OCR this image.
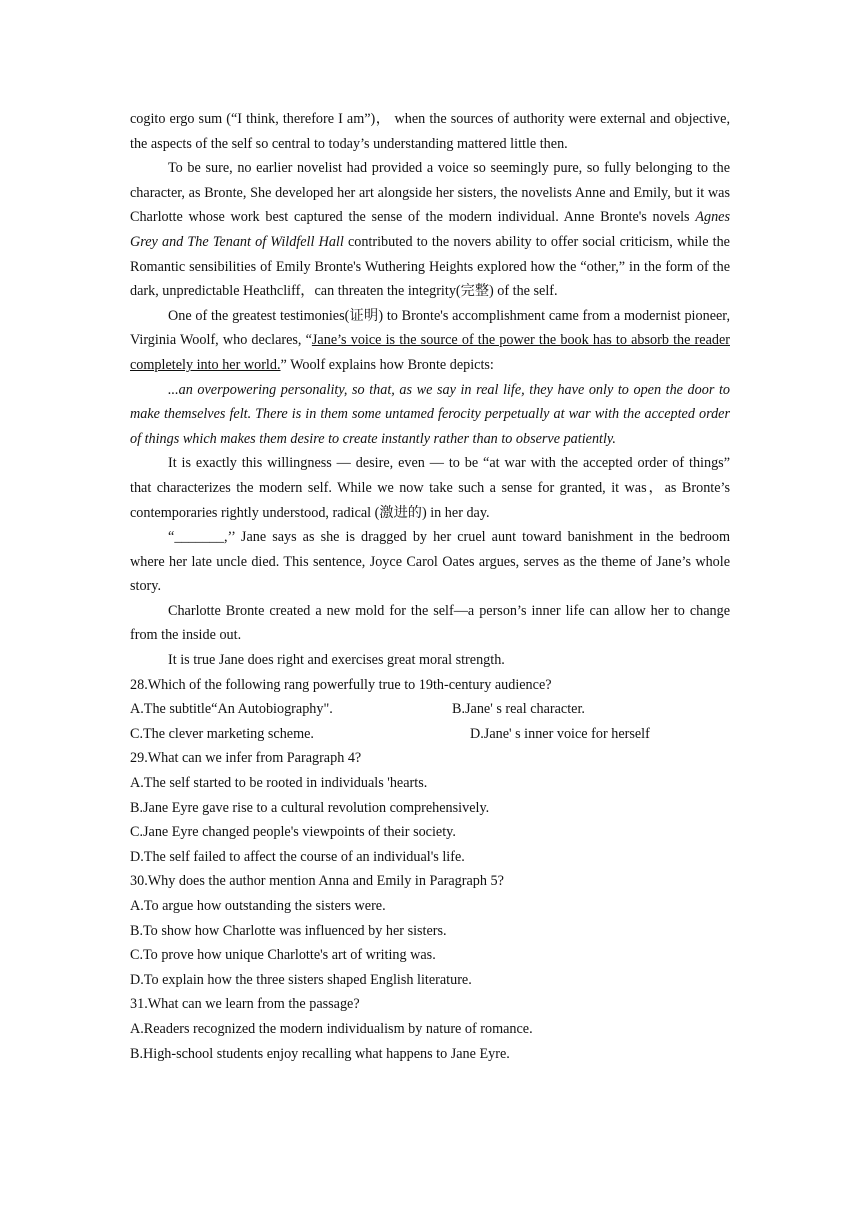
cogito ergo sum (“I think, therefore I am”)， when the sources of authority were external and objective, the aspects of the self so central to today’s understanding mattered little then.

To be sure, no earlier novelist had provided a voice so seemingly pure, so fully belonging to the character, as Bronte, She developed her art alongside her sisters, the novelists Anne and Emily, but it was Charlotte whose work best captured the sense of the modern individual. Anne Bronte's novels Agnes Grey and The Tenant of Wildfell Hall contributed to the novers ability to offer social criticism, while the Romantic sensibilities of Emily Bronte's Wuthering Heights explored how the “other,” in the form of the dark, unpredictable Heathcliff，can threaten the integrity(完整) of the self.

One of the greatest testimonies(证明) to Bronte's accomplishment came from a modernist pioneer, Virginia Woolf, who declares, “Jane’s voice is the source of the power the book has to absorb the reader completely into her world.” Woolf explains how Bronte depicts:

...an overpowering personality, so that, as we say in real life, they have only to open the door to make themselves felt. There is in them some untamed ferocity perpetually at war with the accepted order of things which makes them desire to create instantly rather than to observe patiently.

It is exactly this willingness — desire, even — to be “at war with the accepted order of things” that characterizes the modern self. While we now take such a sense for granted, it was，as Bronte’s contemporaries rightly understood, radical (激进的) in her day.

“_______,’’ Jane says as she is dragged by her cruel aunt toward banishment in the bedroom where her late uncle died. This sentence, Joyce Carol Oates argues, serves as the theme of Jane’s whole story.

Charlotte Bronte created a new mold for the self—a person’s inner life can allow her to change from the inside out.

It is true Jane does right and exercises great moral strength.

28.Which of the following rang powerfully true to 19th-century audience?

A.The subtitle“An Autobiography".	B.Jane' s real character.
C.The clever marketing scheme.	D.Jane' s inner voice for herself

29.What can we infer from Paragraph 4?

A.The self started to be rooted in individuals 'hearts.

B.Jane Eyre gave rise to a cultural revolution comprehensively.

C.Jane Eyre changed people's viewpoints of their society.

D.The self failed to affect the course of an individual's life.

30.Why does the author mention Anna and Emily in Paragraph 5?

A.To argue how outstanding the sisters were.

B.To show how Charlotte was influenced by her sisters.

C.To prove how unique Charlotte's art of writing was.

D.To explain how the three sisters shaped English literature.

31.What can we learn from the passage?

A.Readers recognized the modern individualism by nature of romance.

B.High-school students enjoy recalling what happens to Jane Eyre.
